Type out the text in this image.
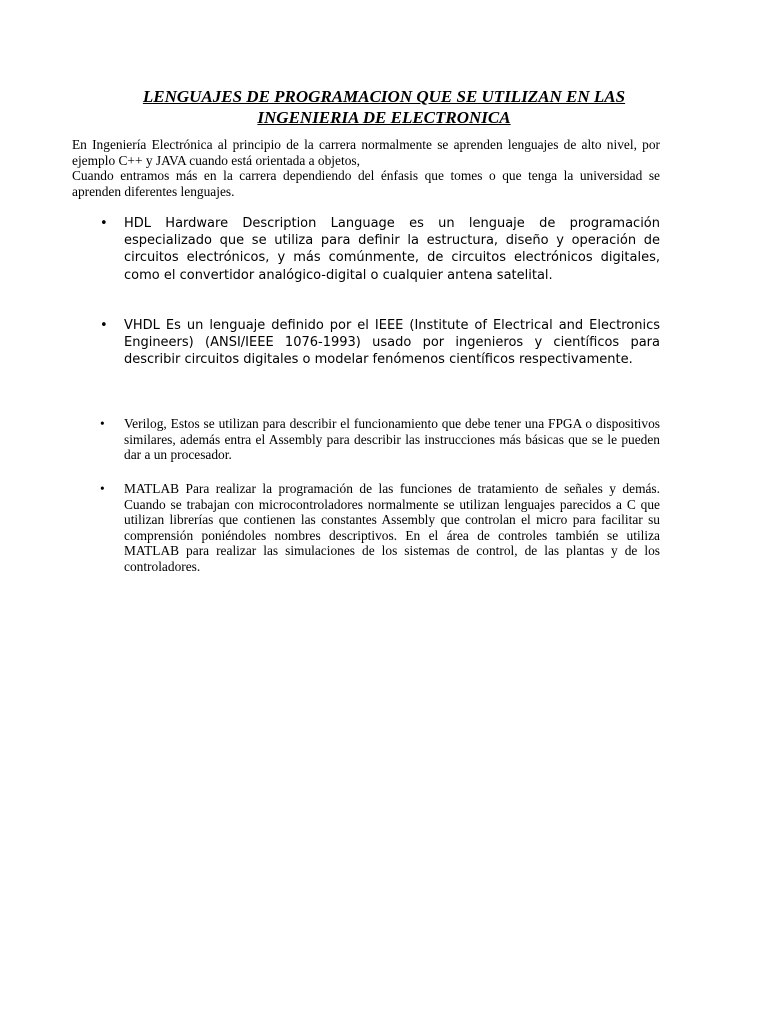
LENGUAJES DE PROGRAMACION QUE SE UTILIZAN EN LAS
INGENIERIA DE ELECTRONICA

En Ingeniería Electrónica al principio de la carrera normalmente se aprenden lenguajes de alto nivel, por ejemplo C++ y JAVA cuando está orientada a objetos,

Cuando entramos más en la carrera dependiendo del énfasis que tomes o que tenga la universidad se aprenden diferentes lenguajes.

• HDL Hardware Description Language es un lenguaje de programación especializado que se utiliza para definir la estructura, diseño y operación de circuitos electrónicos, y más comúnmente, de circuitos electrónicos digitales, como el convertidor analógico-digital o cualquier antena satelital.
• VHDL Es un lenguaje definido por el IEEE (Institute of Electrical and Electronics Engineers) (ANSI/IEEE 1076-1993) usado por ingenieros y científicos para describir circuitos digitales o modelar fenómenos científicos respectivamente.
•	Verilog, Estos se utilizan para describir el funcionamiento que debe tener una FPGA o dispositivos similares, además entra el Assembly para describir las instrucciones más básicas que se le pueden dar a un procesador.
•	MATLAB Para realizar la programación de las funciones de tratamiento de señales y demás. Cuando se trabajan con microcontroladores normalmente se utilizan lenguajes parecidos a C que utilizan librerías que contienen las constantes Assembly que controlan el micro para facilitar su comprensión poniéndoles nombres descriptivos. En el área de controles también se utiliza MATLAB para realizar las simulaciones de los sistemas de control, de las plantas y de los controladores.
